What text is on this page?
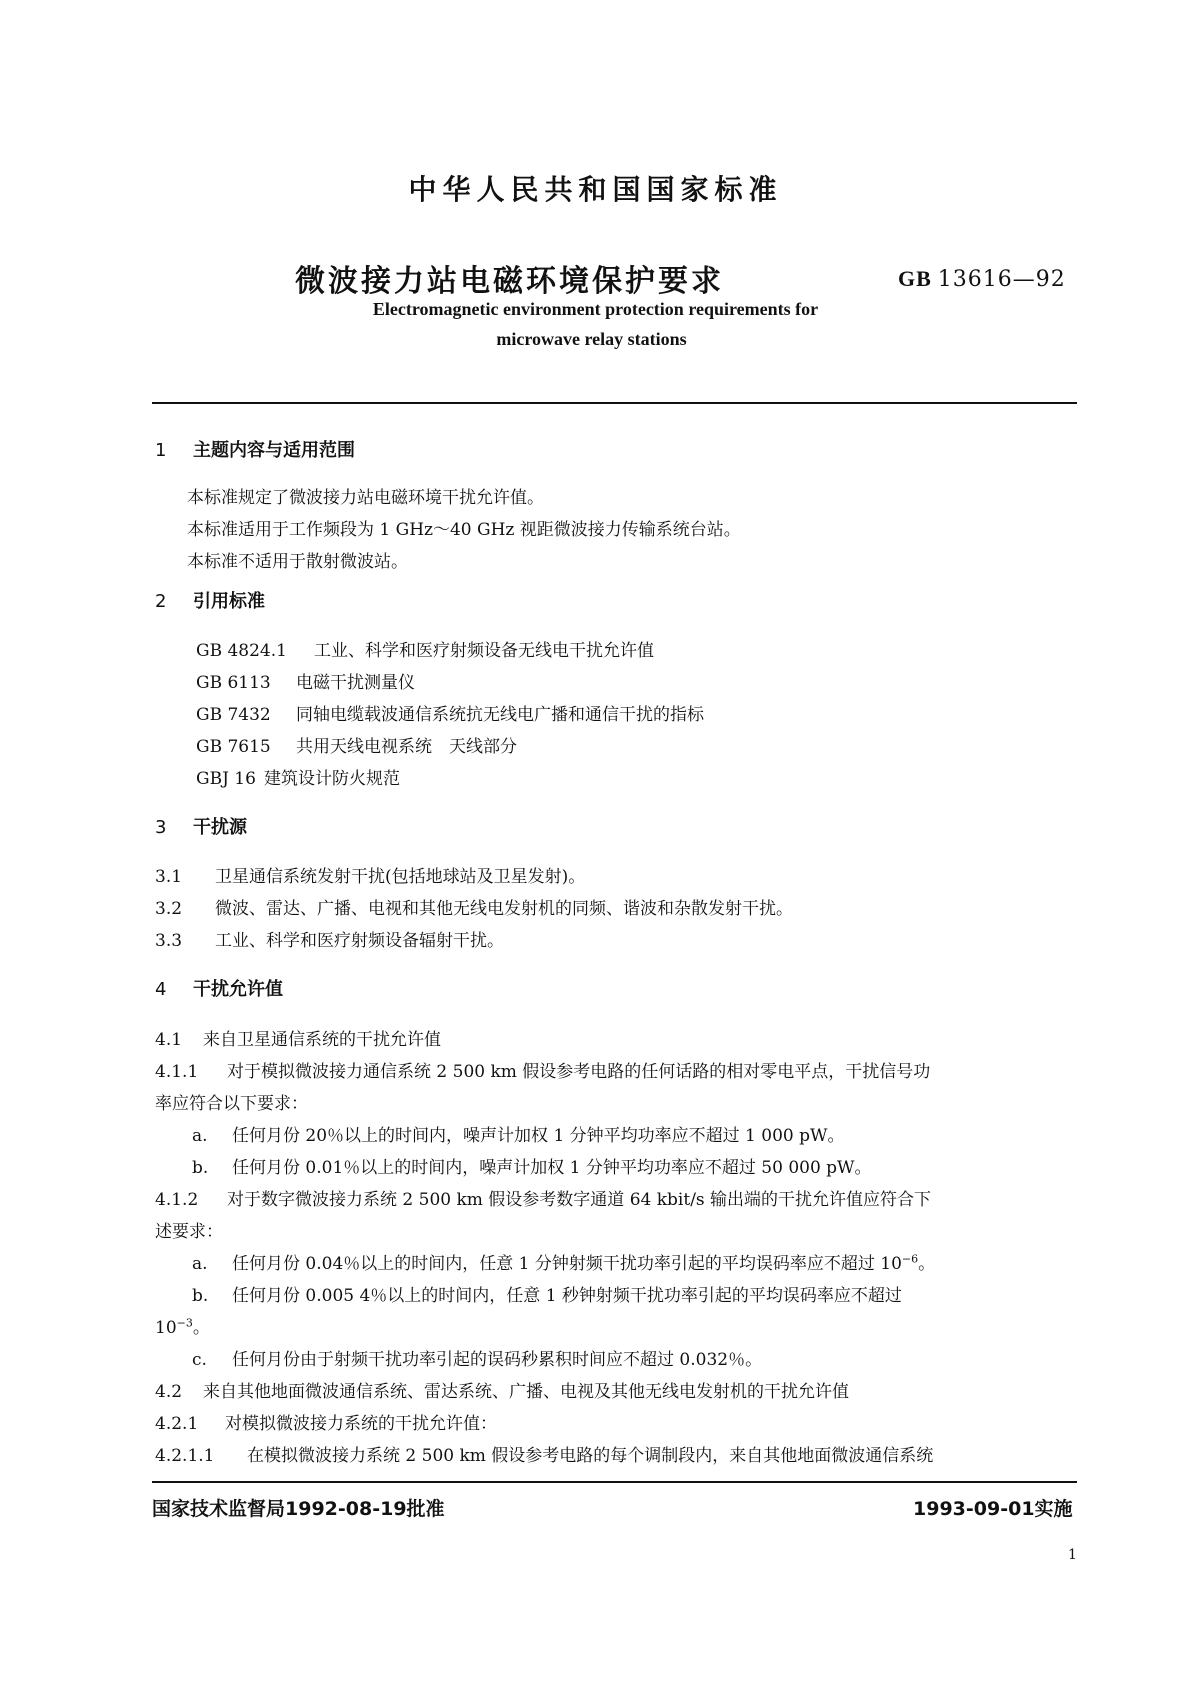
中华人民共和国国家标准
微波接力站电磁环境保护要求	GB 13616—92
Electromagnetic environment protection requirements for
microwave relay stations
1 主题内容与适用范围
本标准规定了微波接力站电磁环境干扰允许值。
本标准适用于工作频段为 1 GHz～40 GHz 视距微波接力传输系统台站。
本标准不适用于散射微波站。
2 引用标准
GB 4824.1 工业、科学和医疗射频设备无线电干扰允许值
GB 6113 电磁干扰测量仪
GB 7432 同轴电缆载波通信系统抗无线电广播和通信干扰的指标
GB 7615 共用天线电视系统　天线部分
GBJ 16 建筑设计防火规范
3 干扰源
3.1 卫星通信系统发射干扰(包括地球站及卫星发射)。
3.2 微波、雷达、广播、电视和其他无线电发射机的同频、谐波和杂散发射干扰。
3.3 工业、科学和医疗射频设备辐射干扰。
4 干扰允许值
4.1 来自卫星通信系统的干扰允许值
4.1.1 对于模拟微波接力通信系统 2 500 km 假设参考电路的任何话路的相对零电平点，干扰信号功
率应符合以下要求：
a. 任何月份 20％以上的时间内，噪声计加权 1 分钟平均功率应不超过 1 000 pW。
b. 任何月份 0.01％以上的时间内，噪声计加权 1 分钟平均功率应不超过 50 000 pW。
4.1.2 对于数字微波接力系统 2 500 km 假设参考数字通道 64 kbit/s 输出端的干扰允许值应符合下
述要求：
a. 任何月份 0.04％以上的时间内，任意 1 分钟射频干扰功率引起的平均误码率应不超过 $10^{-6}$。
b. 任何月份 0.005 4％以上的时间内，任意 1 秒钟射频干扰功率引起的平均误码率应不超过
$10^{-3}$。
c. 任何月份由于射频干扰功率引起的误码秒累积时间应不超过 0.032％。
4.2 来自其他地面微波通信系统、雷达系统、广播、电视及其他无线电发射机的干扰允许值
4.2.1 对模拟微波接力系统的干扰允许值：
4.2.1.1 在模拟微波接力系统 2 500 km 假设参考电路的每个调制段内，来自其他地面微波通信系统
国家技术监督局1992-08-19批准	1993-09-01实施
1
